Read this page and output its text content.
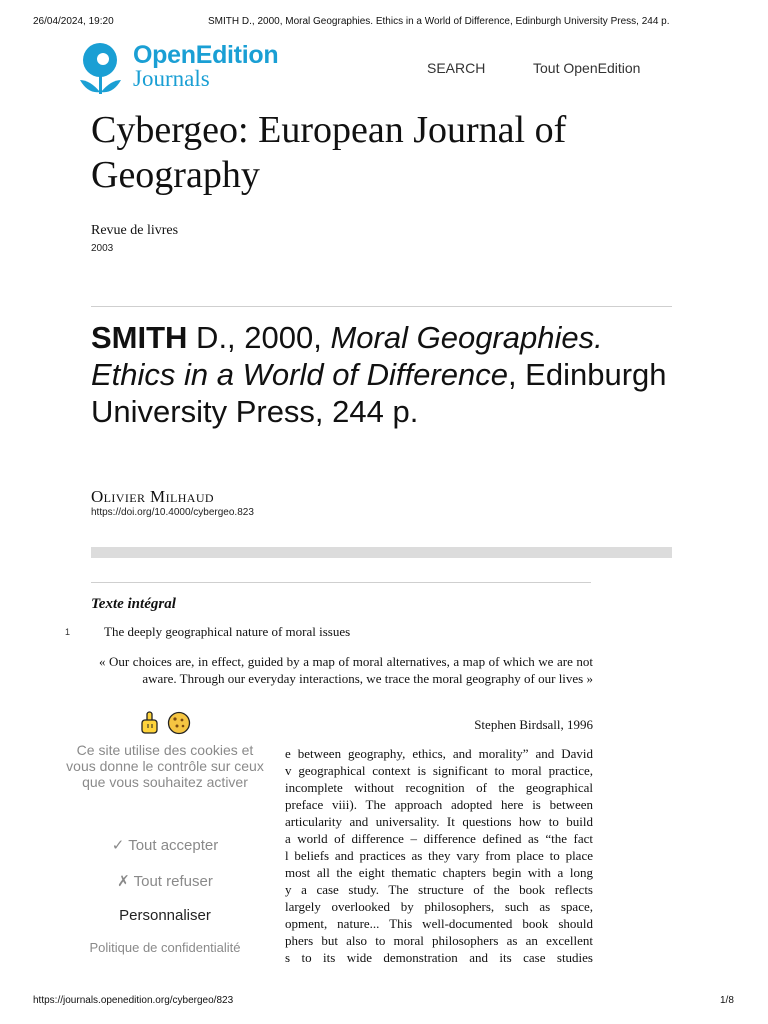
26/04/2024, 19:20	SMITH D., 2000, Moral Geographies. Ethics in a World of Difference, Edinburgh University Press, 244 p.
OpenEdition
Journals	SEARCH	Tout OpenEdition
Cybergeo: European Journal of Geography
Revue de livres
2003
SMITH D., 2000, Moral Geographies. Ethics in a World of Difference, Edinburgh University Press, 244 p.
Olivier Milhaud
https://doi.org/10.4000/cybergeo.823
Texte intégral
1	The deeply geographical nature of moral issues
« Our choices are, in effect, guided by a map of moral alternatives, a map of which we are not aware. Through our everyday interactions, we trace the moral geography of our lives »
Stephen Birdsall, 1996
e between geography, ethics, and morality” and David
v geographical context is significant to moral practice,
incomplete without recognition of the geographical
preface viii). The approach adopted here is between
articularity and universality. It questions how to build
a world of difference – difference defined as “the fact
l beliefs and practices as they vary from place to place
most all the eight thematic chapters begin with a long
y a case study. The structure of the book reflects
largely overlooked by philosophers, such as space,
opment, nature... This well-documented book should
phers but also to moral philosophers as an excellent
s to its wide demonstration and its case studies
Ce site utilise des cookies et vous donne le contrôle sur ceux que vous souhaitez activer
✓ Tout accepter
✗ Tout refuser
Personnaliser
Politique de confidentialité
https://journals.openedition.org/cybergeo/823	1/8
